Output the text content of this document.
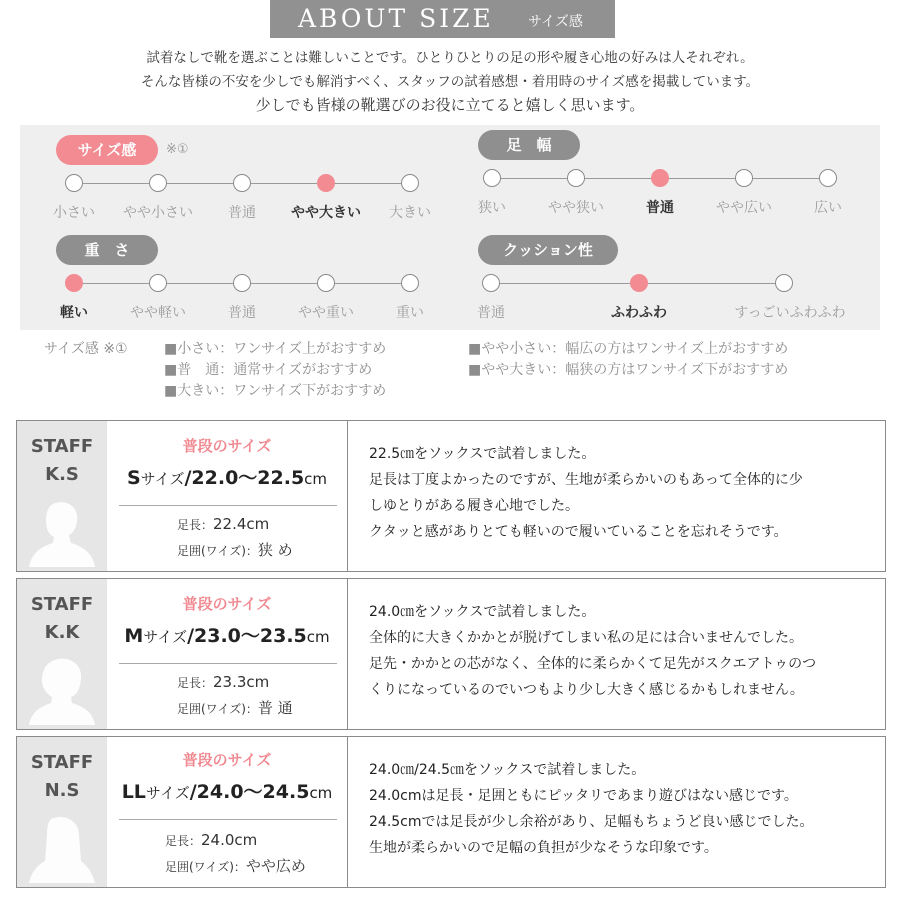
ABOUT SIZE サイズ感
試着なしで靴を選ぶことは難しいことです。ひとりひとりの足の形や履き心地の好みは人それぞれ。
そんな皆様の不安を少しでも解消すべく、スタッフの試着感想・着用時のサイズ感を掲載しています。
少しでも皆様の靴選びのお役に立てると嬉しく思います。
サイズ感	※①
小さい	やや小さい	普通	やや大きい	大きい
足　幅
狭い	やや狭い	普通	やや広い	広い
重　さ
軽い	やや軽い	普通	やや重い	重い
クッション性
普通	ふわふわ	すっごいふわふわ
サイズ感 ※①	■小さい：ワンサイズ上がおすすめ
■普　通：通常サイズがおすすめ
■大きい：ワンサイズ下がおすすめ
■やや小さい：幅広の方はワンサイズ上がおすすめ
■やや大きい：幅狭の方はワンサイズ下がおすすめ
STAFF
K.S
普段のサイズ
Sサイズ/22.0〜22.5cm
足長：22.4cm
足囲(ワイズ)：狭 め
22.5㎝をソックスで試着しました。
足長は丁度よかったのですが、生地が柔らかいのもあって全体的に少
しゆとりがある履き心地でした。
クタッと感がありとても軽いので履いていることを忘れそうです。
STAFF
K.K
普段のサイズ
Mサイズ/23.0〜23.5cm
足長：23.3cm
足囲(ワイズ)：普 通
24.0㎝をソックスで試着しました。
全体的に大きくかかとが脱げてしまい私の足には合いませんでした。
足先・かかとの芯がなく、全体的に柔らかくて足先がスクエアトゥのつ
くりになっているのでいつもより少し大きく感じるかもしれません。
STAFF
N.S
普段のサイズ
LLサイズ/24.0〜24.5cm
足長：24.0cm
足囲(ワイズ)：やや広め
24.0㎝/24.5㎝をソックスで試着しました。
24.0cmは足長・足囲ともにピッタリであまり遊びはない感じです。
24.5cmでは足長が少し余裕があり、足幅もちょうど良い感じでした。
生地が柔らかいので足幅の負担が少なそうな印象です。
